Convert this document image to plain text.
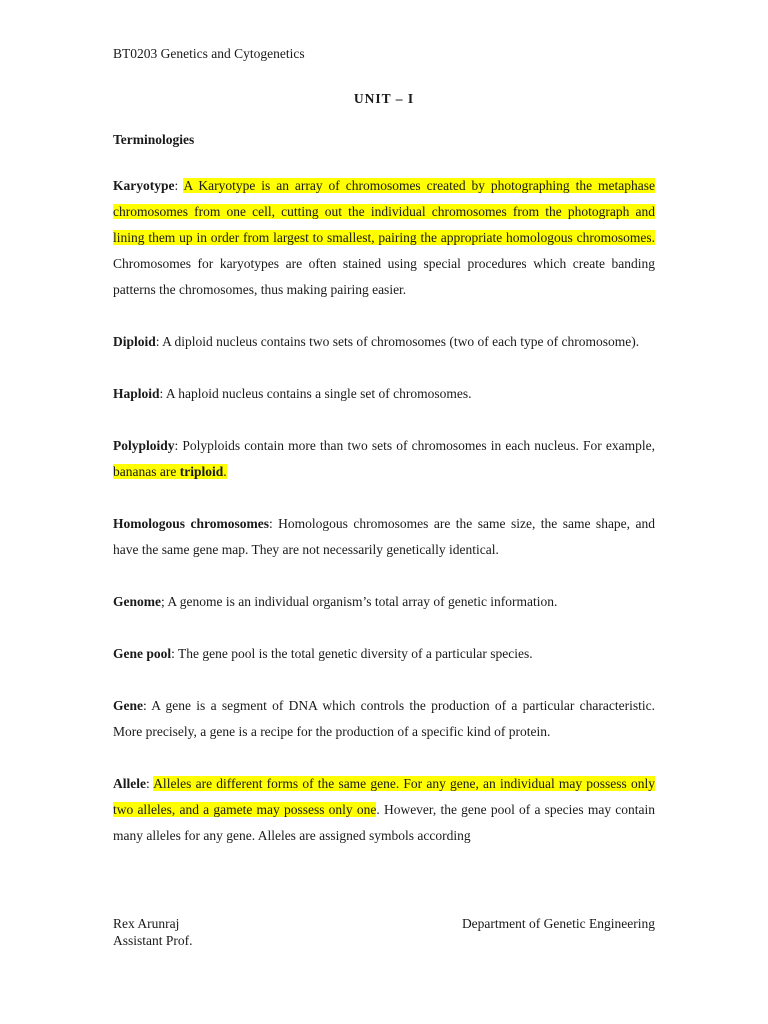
BT0203 Genetics and Cytogenetics
UNIT – I
Terminologies

Karyotype: A Karyotype is an array of chromosomes created by photographing the metaphase chromosomes from one cell, cutting out the individual chromosomes from the photograph and lining them up in order from largest to smallest, pairing the appropriate homologous chromosomes. Chromosomes for karyotypes are often stained using special procedures which create banding patterns the chromosomes, thus making pairing easier.

Diploid: A diploid nucleus contains two sets of chromosomes (two of each type of chromosome).

Haploid: A haploid nucleus contains a single set of chromosomes.

Polyploidy: Polyploids contain more than two sets of chromosomes in each nucleus. For example, bananas are triploid.

Homologous chromosomes: Homologous chromosomes are the same size, the same shape, and have the same gene map. They are not necessarily genetically identical.

Genome; A genome is an individual organism’s total array of genetic information.

Gene pool: The gene pool is the total genetic diversity of a particular species.

Gene: A gene is a segment of DNA which controls the production of a particular characteristic. More precisely, a gene is a recipe for the production of a specific kind of protein.

Allele: Alleles are different forms of the same gene. For any gene, an individual may possess only two alleles, and a gamete may possess only one. However, the gene pool of a species may contain many alleles for any gene. Alleles are assigned symbols according

Rex Arunraj	Department of Genetic Engineering
Assistant Prof.
